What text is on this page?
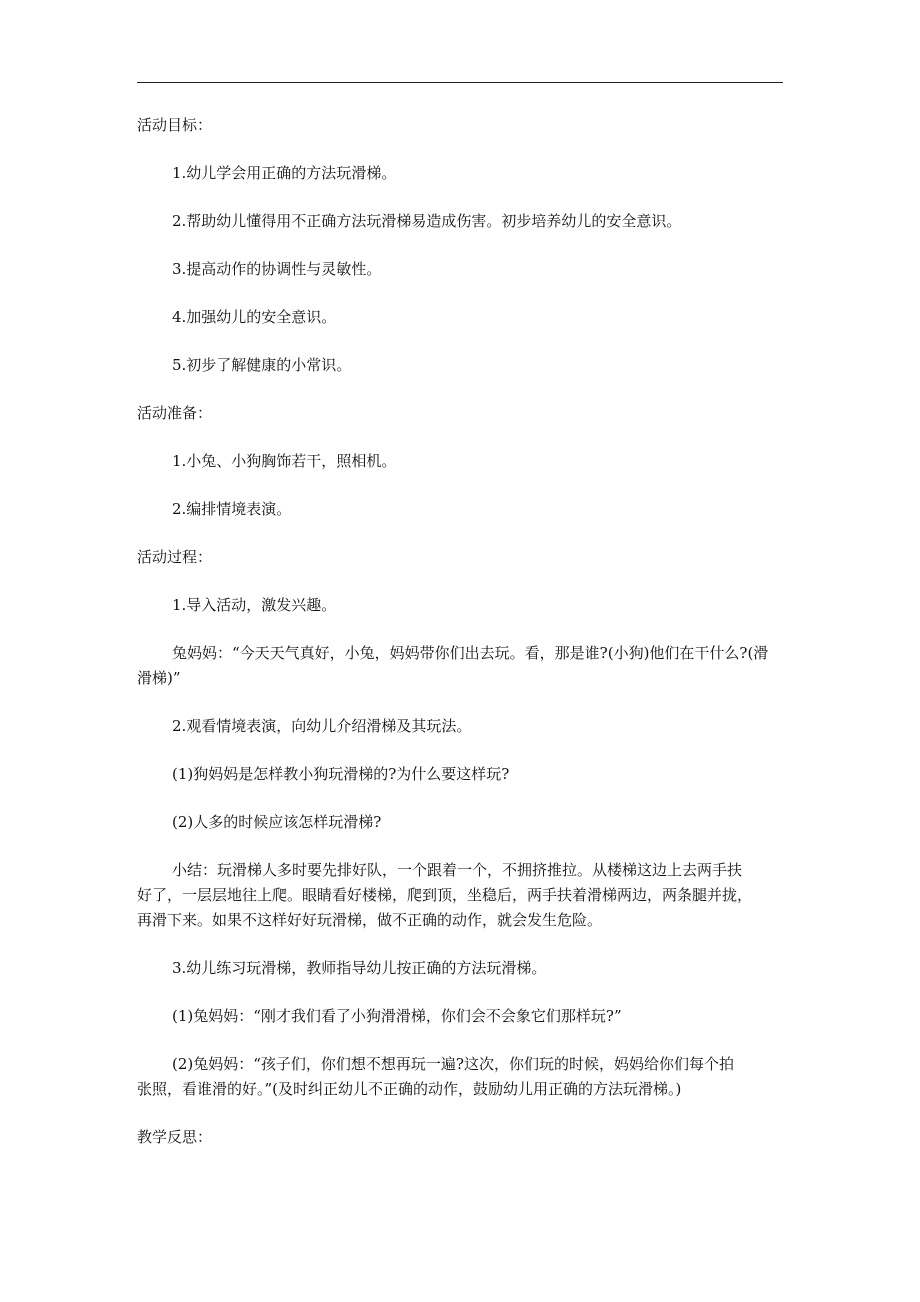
活动目标：
1.幼儿学会用正确的方法玩滑梯。
2.帮助幼儿懂得用不正确方法玩滑梯易造成伤害。初步培养幼儿的安全意识。
3.提高动作的协调性与灵敏性。
4.加强幼儿的安全意识。
5.初步了解健康的小常识。
活动准备：
1.小兔、小狗胸饰若干，照相机。
2.编排情境表演。
活动过程：
1.导入活动，激发兴趣。
兔妈妈：“今天天气真好，小兔，妈妈带你们出去玩。看，那是谁?(小狗)他们在干什么?(滑
滑梯)”
2.观看情境表演，向幼儿介绍滑梯及其玩法。
(1)狗妈妈是怎样教小狗玩滑梯的?为什么要这样玩?
(2)人多的时候应该怎样玩滑梯?
小结：玩滑梯人多时要先排好队，一个跟着一个，不拥挤推拉。从楼梯这边上去两手扶
好了，一层层地往上爬。眼睛看好楼梯，爬到顶，坐稳后，两手扶着滑梯两边，两条腿并拢，
再滑下来。如果不这样好好玩滑梯，做不正确的动作，就会发生危险。
3.幼儿练习玩滑梯，教师指导幼儿按正确的方法玩滑梯。
(1)兔妈妈：“刚才我们看了小狗滑滑梯，你们会不会象它们那样玩?”
(2)兔妈妈：“孩子们，你们想不想再玩一遍?这次，你们玩的时候，妈妈给你们每个拍
张照，看谁滑的好。”(及时纠正幼儿不正确的动作，鼓励幼儿用正确的方法玩滑梯。)
教学反思：
